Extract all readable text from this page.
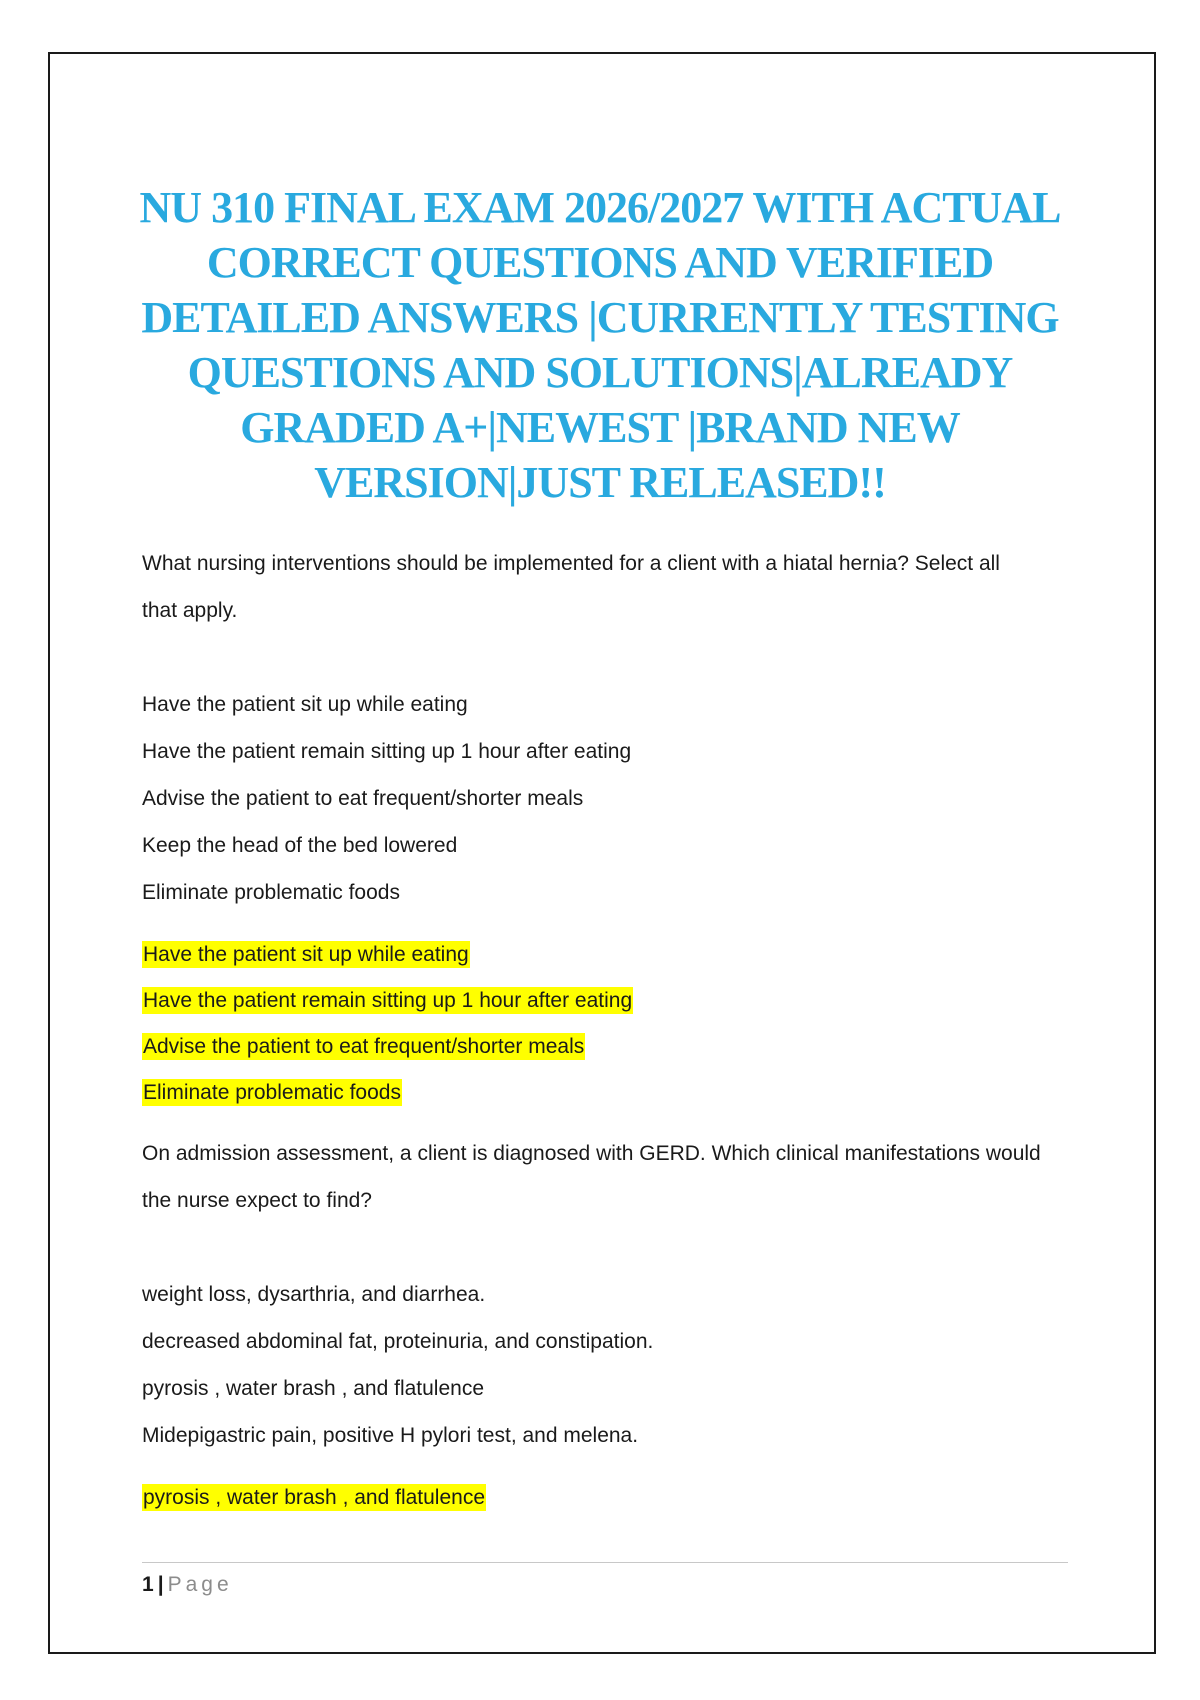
NU 310 FINAL EXAM 2026/2027 WITH ACTUAL
CORRECT QUESTIONS AND VERIFIED
DETAILED ANSWERS |CURRENTLY TESTING
QUESTIONS AND SOLUTIONS|ALREADY
GRADED A+|NEWEST |BRAND NEW
VERSION|JUST RELEASED!!

What nursing interventions should be implemented for a client with a hiatal hernia? Select all
that apply.

Have the patient sit up while eating
Have the patient remain sitting up 1 hour after eating
Advise the patient to eat frequent/shorter meals
Keep the head of the bed lowered
Eliminate problematic foods
Have the patient sit up while eating
Have the patient remain sitting up 1 hour after eating
Advise the patient to eat frequent/shorter meals
Eliminate problematic foods

On admission assessment, a client is diagnosed with GERD. Which clinical manifestations would
the nurse expect to find?

weight loss, dysarthria, and diarrhea.
decreased abdominal fat, proteinuria, and constipation.
pyrosis , water brash , and flatulence
Midepigastric pain, positive H pylori test, and melena.
pyrosis , water brash , and flatulence
1 | Page
